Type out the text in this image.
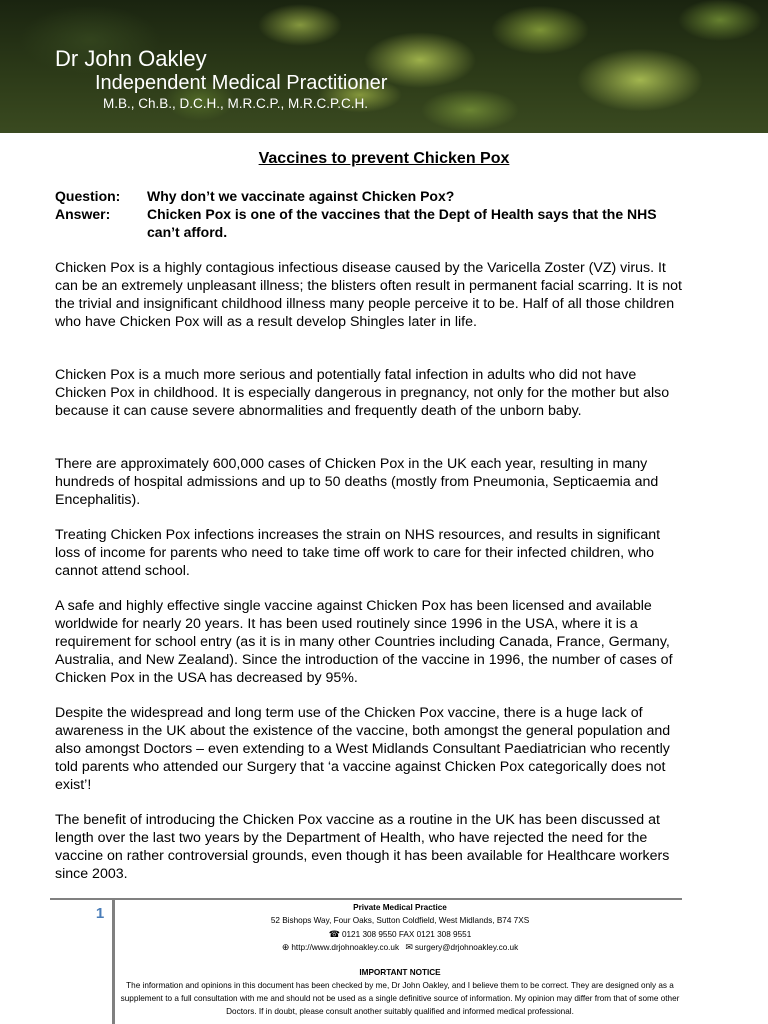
Dr John Oakley
Independent Medical Practitioner
M.B., Ch.B., D.C.H., M.R.C.P., M.R.C.P.C.H.
Vaccines to prevent Chicken Pox
Question:	Why don’t we vaccinate against Chicken Pox?
Answer:	Chicken Pox is one of the vaccines that the Dept of Health says that the NHS can’t afford.

Chicken Pox is a highly contagious infectious disease caused by the Varicella Zoster (VZ) virus. It can be an extremely unpleasant illness; the blisters often result in permanent facial scarring. It is not the trivial and insignificant childhood illness many people perceive it to be. Half of all those children who have Chicken Pox will as a result develop Shingles later in life.

Chicken Pox is a much more serious and potentially fatal infection in adults who did not have Chicken Pox in childhood. It is especially dangerous in pregnancy, not only for the mother but also because it can cause severe abnormalities and frequently death of the unborn baby.

There are approximately 600,000 cases of Chicken Pox in the UK each year, resulting in many hundreds of hospital admissions and up to 50 deaths (mostly from Pneumonia, Septicaemia and Encephalitis).

Treating Chicken Pox infections increases the strain on NHS resources, and results in significant loss of income for parents who need to take time off work to care for their infected children, who cannot attend school.

A safe and highly effective single vaccine against Chicken Pox has been licensed and available worldwide for nearly 20 years. It has been used routinely since 1996 in the USA, where it is a requirement for school entry (as it is in many other Countries including Canada, France, Germany, Australia, and New Zealand). Since the introduction of the vaccine in 1996, the number of cases of Chicken Pox in the USA has decreased by 95%.

Despite the widespread and long term use of the Chicken Pox vaccine, there is a huge lack of awareness in the UK about the existence of the vaccine, both amongst the general population and also amongst Doctors – even extending to a West Midlands Consultant Paediatrician who recently told parents who attended our Surgery that ‘a vaccine against Chicken Pox categorically does not exist’!

The benefit of introducing the Chicken Pox vaccine as a routine in the UK has been discussed at length over the last two years by the Department of Health, who have rejected the need for the vaccine on rather controversial grounds, even though it has been available for Healthcare workers since 2003.

1	Private Medical Practice
52 Bishops Way, Four Oaks, Sutton Coldfield, West Midlands, B74 7XS
☎ 0121 308 9550 FAX 0121 308 9551
⊕ http://www.drjohnoakley.co.uk ✉ surgery@drjohnoakley.co.uk
IMPORTANT NOTICE
The information and opinions in this document has been checked by me, Dr John Oakley, and I believe them to be correct. They are designed only as a supplement to a full consultation with me and should not be used as a single definitive source of information. My opinion may differ from that of some other Doctors. If in doubt, please consult another suitably qualified and informed medical professional.
